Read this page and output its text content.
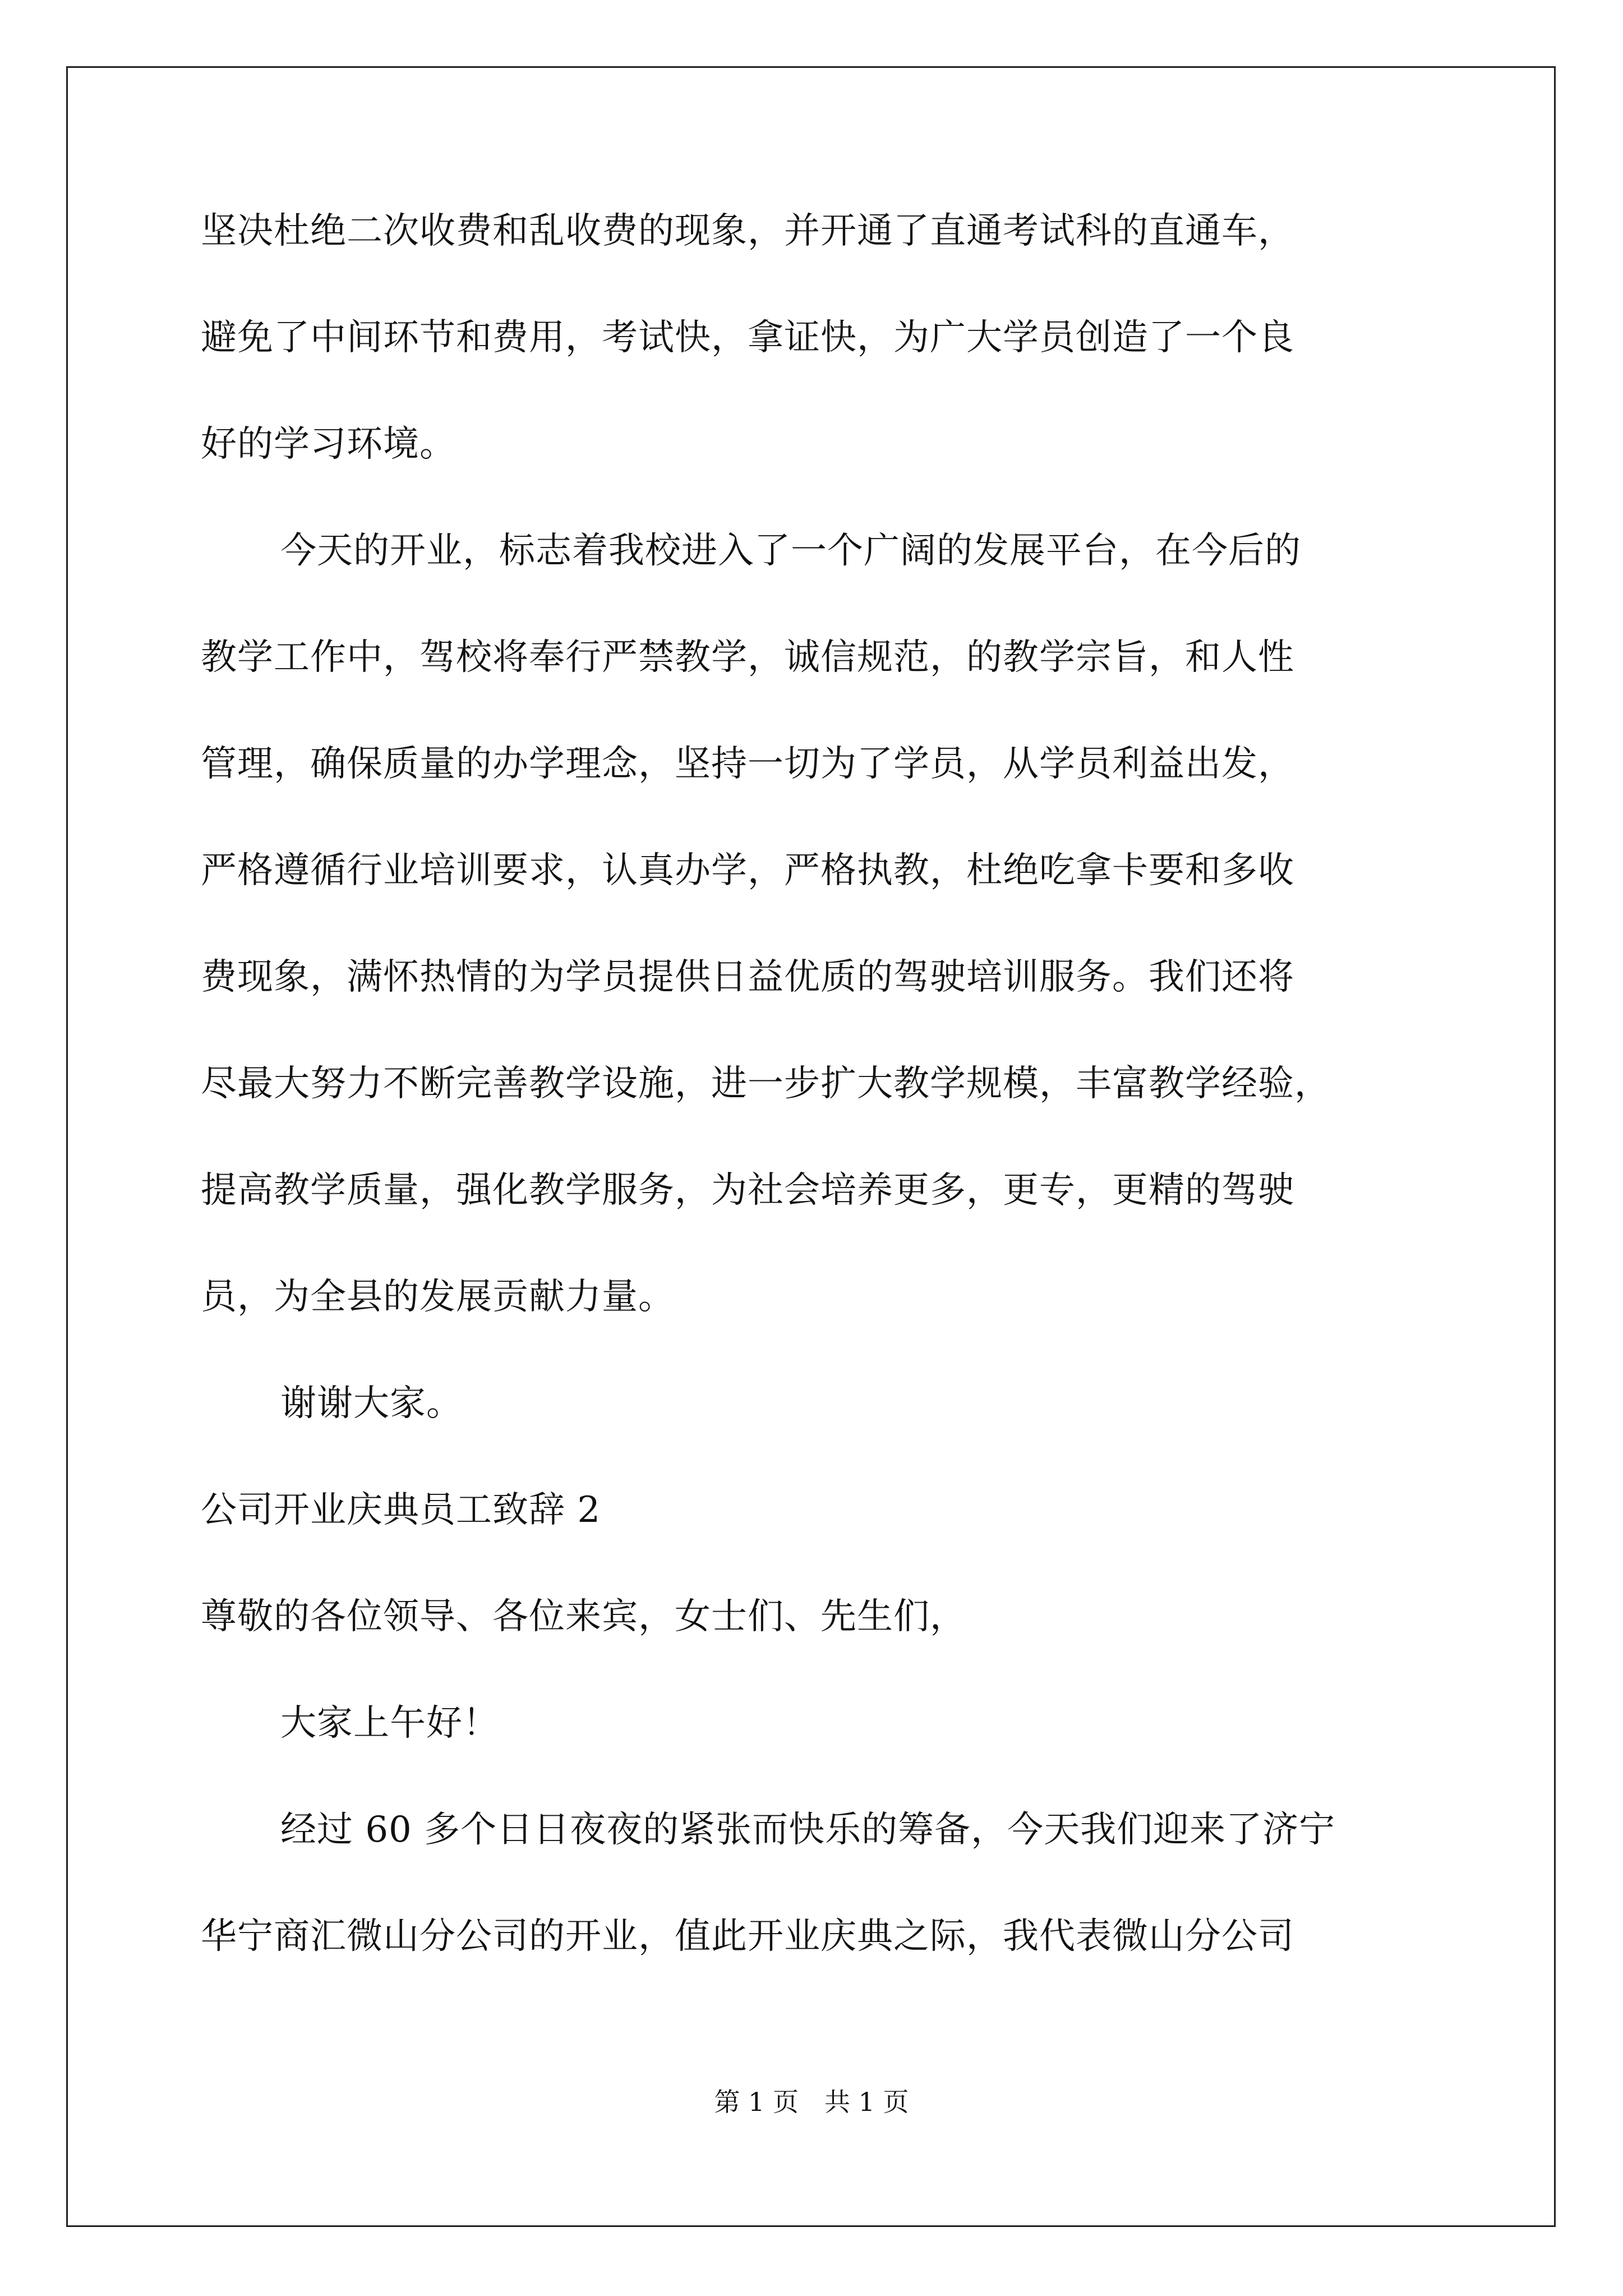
坚决杜绝二次收费和乱收费的现象，并开通了直通考试科的直通车，
避免了中间环节和费用，考试快，拿证快，为广大学员创造了一个良
好的学习环境。
今天的开业，标志着我校进入了一个广阔的发展平台，在今后的
教学工作中，驾校将奉行严禁教学，诚信规范，的教学宗旨，和人性
管理，确保质量的办学理念，坚持一切为了学员，从学员利益出发，
严格遵循行业培训要求，认真办学，严格执教，杜绝吃拿卡要和多收
费现象，满怀热情的为学员提供日益优质的驾驶培训服务。我们还将
尽最大努力不断完善教学设施，进一步扩大教学规模，丰富教学经验，
提高教学质量，强化教学服务，为社会培养更多，更专，更精的驾驶
员，为全县的发展贡献力量。
谢谢大家。
公司开业庆典员工致辞 2
尊敬的各位领导、各位来宾，女士们、先生们，
大家上午好！
经过 60 多个日日夜夜的紧张而快乐的筹备，今天我们迎来了济宁
华宁商汇微山分公司的开业，值此开业庆典之际，我代表微山分公司
第 1 页　共 1 页
